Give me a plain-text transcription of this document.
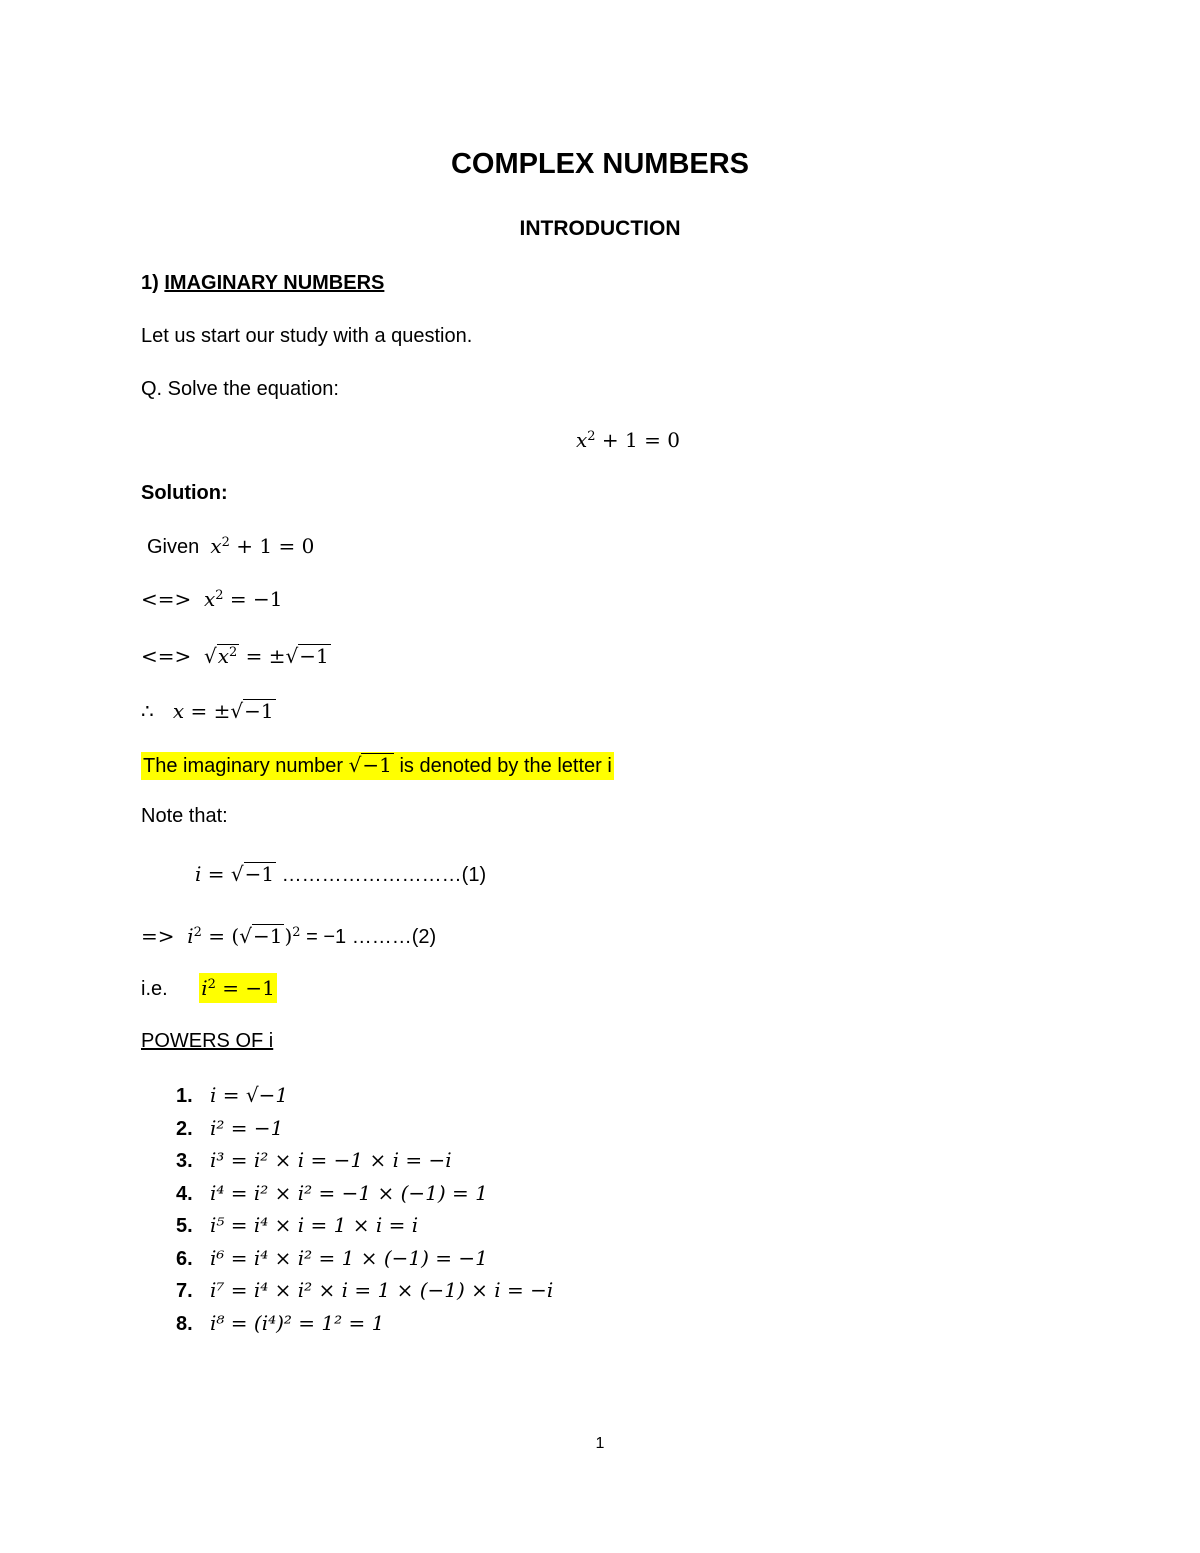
COMPLEX NUMBERS
INTRODUCTION
1) IMAGINARY NUMBERS
Let us start our study with a question.
Q. Solve the equation:
$x^2 + 1 = 0$
Solution:
Given $x^2 + 1 = 0$
<=> $x^2 = -1$
<=> $√x^2 = \pm√-1$
∴ x = ±√−1
The imaginary number √−1 is denoted by the letter i
Note that:
i = √−1 ………………………(1)
=> $i^2 = (√-1$ )$^2$ = −1 ………(2)
i.e. $i^2 = -1$
POWERS OF i
1. i = √−1
2. i² = −1
3. i³ = i² × i = −1 × i = −i
4. i⁴ = i² × i² = −1 × (−1) = 1
5. i⁵ = i⁴ × i = 1 × i = i
6. i⁶ = i⁴ × i² = 1 × (−1) = −1
7. i⁷ = i⁴ × i² × i = 1 × (−1) × i = −i
8. i⁸ = (i⁴)² = 1² = 1
1
